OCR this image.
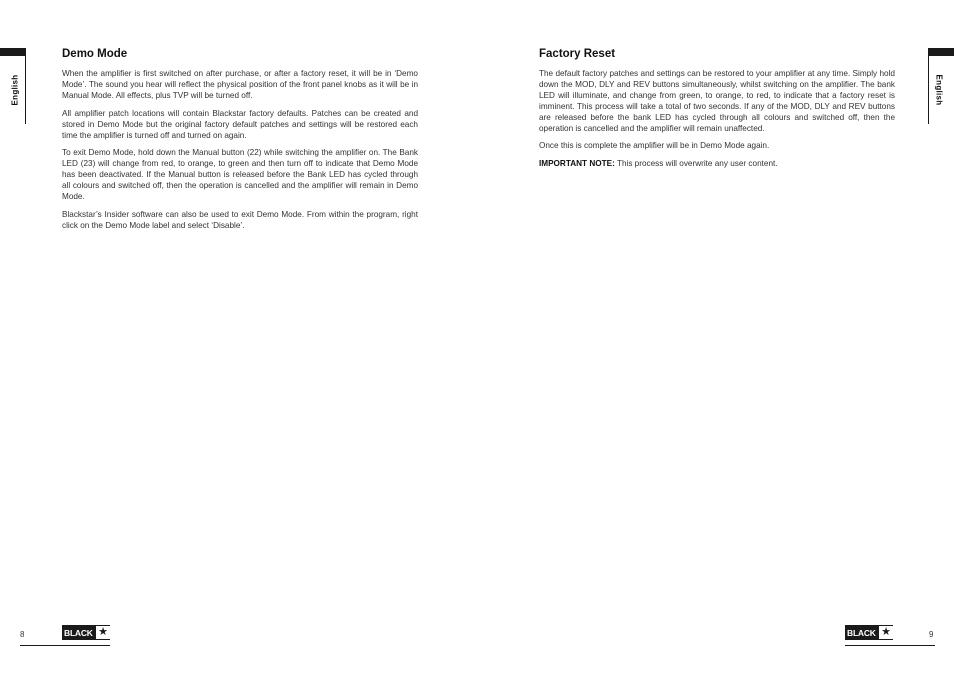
English
Demo Mode

When the amplifier is first switched on after purchase, or after a factory reset, it will be in ‘Demo Mode’. The sound you hear will reflect the physical position of the front panel knobs as it will be in Manual Mode. All effects, plus TVP will be turned off.

All amplifier patch locations will contain Blackstar factory defaults. Patches can be created and stored in Demo Mode but the original factory default patches and settings will be restored each time the amplifier is turned off and turned on again.

To exit Demo Mode, hold down the Manual button (22) while switching the amplifier on. The Bank LED (23) will change from red, to orange, to green and then turn off to indicate that Demo Mode has been deactivated. If the Manual button is released before the Bank LED has cycled through all colours and switched off, then the operation is cancelled and the amplifier will remain in Demo Mode.

Blackstar’s Insider software can also be used to exit Demo Mode. From within the program, right click on the Demo Mode label and select ‘Disable’.

8	BLACK ★
English
Factory Reset

The default factory patches and settings can be restored to your amplifier at any time. Simply hold down the MOD, DLY and REV buttons simultaneously, whilst switching on the amplifier. The bank LED will illuminate, and change from green, to orange, to red, to indicate that a factory reset is imminent. This process will take a total of two seconds. If any of the MOD, DLY and REV buttons are released before the bank LED has cycled through all colours and switched off, then the operation is cancelled and the amplifier will remain unaffected.

Once this is complete the amplifier will be in Demo Mode again.

IMPORTANT NOTE: This process will overwrite any user content.

BLACK ★	9
